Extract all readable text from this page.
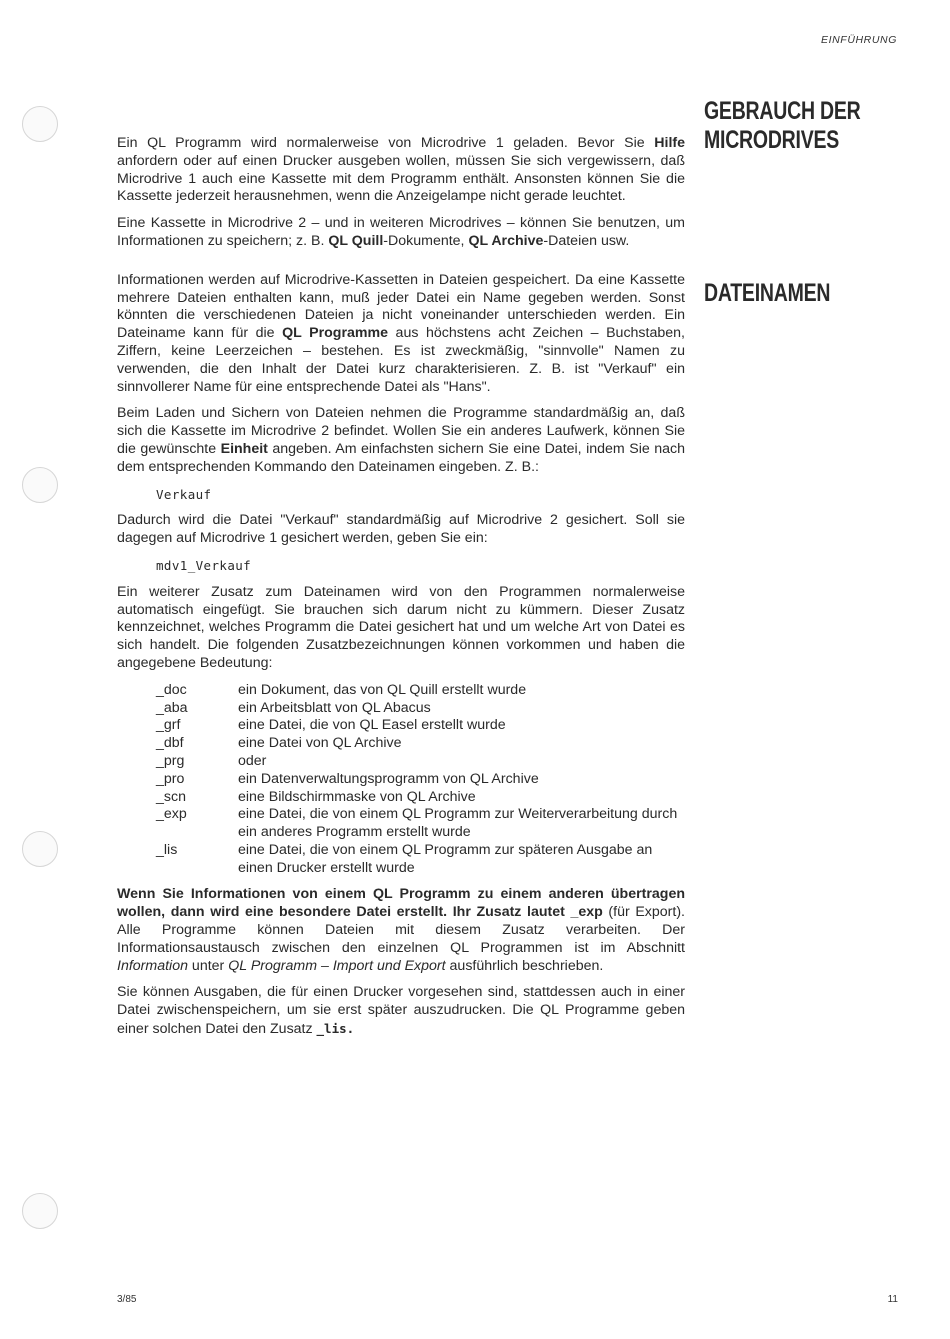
EINFÜHRUNG
GEBRAUCH DER
MICRODRIVES
DATEINAMEN

Ein QL Programm wird normalerweise von Microdrive 1 geladen. Bevor Sie Hilfe anfordern oder auf einen Drucker ausgeben wollen, müssen Sie sich vergewissern, daß Microdrive 1 auch eine Kassette mit dem Programm enthält. Ansonsten können Sie die Kassette jederzeit herausnehmen, wenn die Anzeigelampe nicht gerade leuchtet.

Eine Kassette in Microdrive 2 – und in weiteren Microdrives – können Sie benutzen, um Informationen zu speichern; z. B. QL Quill-Dokumente, QL Archive-Dateien usw.

Informationen werden auf Microdrive-Kassetten in Dateien gespeichert. Da eine Kassette mehrere Dateien enthalten kann, muß jeder Datei ein Name gegeben werden. Sonst könnten die verschiedenen Dateien ja nicht voneinander unterschieden werden. Ein Dateiname kann für die QL Programme aus höchstens acht Zeichen – Buchstaben, Ziffern, keine Leerzeichen – bestehen. Es ist zweckmäßig, "sinnvolle" Namen zu verwenden, die den Inhalt der Datei kurz charakterisieren. Z. B. ist "Verkauf" ein sinnvollerer Name für eine entsprechende Datei als "Hans".

Beim Laden und Sichern von Dateien nehmen die Programme standardmäßig an, daß sich die Kassette im Microdrive 2 befindet. Wollen Sie ein anderes Laufwerk, können Sie die gewünschte Einheit angeben. Am einfachsten sichern Sie eine Datei, indem Sie nach dem entsprechenden Kommando den Dateinamen eingeben. Z. B.:

Verkauf

Dadurch wird die Datei "Verkauf" standardmäßig auf Microdrive 2 gesichert. Soll sie dagegen auf Microdrive 1 gesichert werden, geben Sie ein:

mdv1_Verkauf

Ein weiterer Zusatz zum Dateinamen wird von den Programmen normalerweise automatisch eingefügt. Sie brauchen sich darum nicht zu kümmern. Dieser Zusatz kennzeichnet, welches Programm die Datei gesichert hat und um welche Art von Datei es sich handelt. Die folgenden Zusatzbezeichnungen können vorkommen und haben die angegebene Bedeutung:

_doc	ein Dokument, das von QL Quill erstellt wurde
_aba	ein Arbeitsblatt von QL Abacus
_grf	eine Datei, die von QL Easel erstellt wurde
_dbf	eine Datei von QL Archive
_prg	oder
_pro	ein Datenverwaltungsprogramm von QL Archive
_scn	eine Bildschirmmaske von QL Archive
_exp	eine Datei, die von einem QL Programm zur Weiterverarbeitung durch ein anderes Programm erstellt wurde
_lis	eine Datei, die von einem QL Programm zur späteren Ausgabe an einen Drucker erstellt wurde

Wenn Sie Informationen von einem QL Programm zu einem anderen übertragen wollen, dann wird eine besondere Datei erstellt. Ihr Zusatz lautet _exp (für Export). Alle Programme können Dateien mit diesem Zusatz verarbeiten. Der Informationsaustausch zwischen den einzelnen QL Programmen ist im Abschnitt Information unter QL Programm – Import und Export ausführlich beschrieben.

Sie können Ausgaben, die für einen Drucker vorgesehen sind, stattdessen auch in einer Datei zwischenspeichern, um sie erst später auszudrucken. Die QL Programme geben einer solchen Datei den Zusatz _lis.

3/85	11
